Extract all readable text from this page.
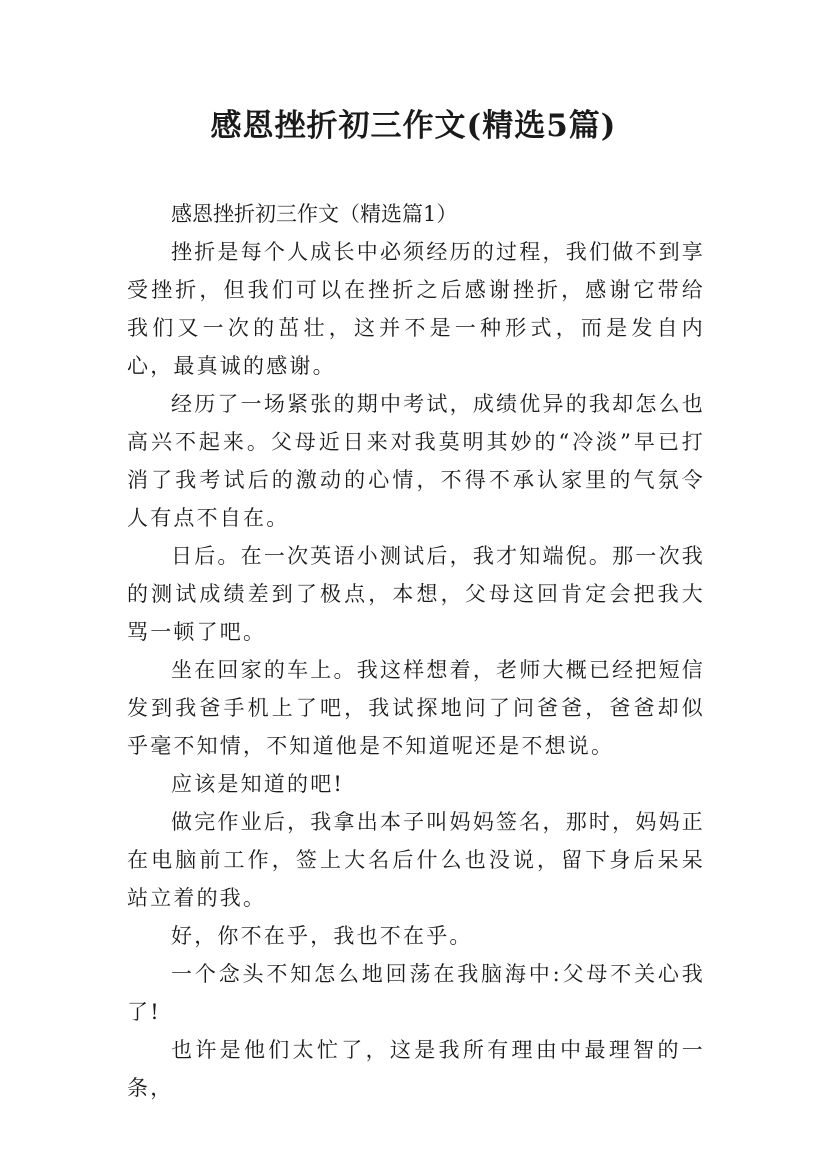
感恩挫折初三作文(精选5篇)

感恩挫折初三作文（精选篇1）

挫折是每个人成长中必须经历的过程，我们做不到享受挫折，但我们可以在挫折之后感谢挫折，感谢它带给我们又一次的茁壮，这并不是一种形式，而是发自内心，最真诚的感谢。

经历了一场紧张的期中考试，成绩优异的我却怎么也高兴不起来。父母近日来对我莫明其妙的“冷淡”早已打消了我考试后的激动的心情，不得不承认家里的气氛令人有点不自在。

日后。在一次英语小测试后，我才知端倪。那一次我的测试成绩差到了极点，本想，父母这回肯定会把我大骂一顿了吧。

坐在回家的车上。我这样想着，老师大概已经把短信发到我爸手机上了吧，我试探地问了问爸爸，爸爸却似乎毫不知情，不知道他是不知道呢还是不想说。

应该是知道的吧!

做完作业后，我拿出本子叫妈妈签名，那时，妈妈正在电脑前工作，签上大名后什么也没说，留下身后呆呆站立着的我。

好，你不在乎，我也不在乎。

一个念头不知怎么地回荡在我脑海中:父母不关心我了!

也许是他们太忙了，这是我所有理由中最理智的一条，
